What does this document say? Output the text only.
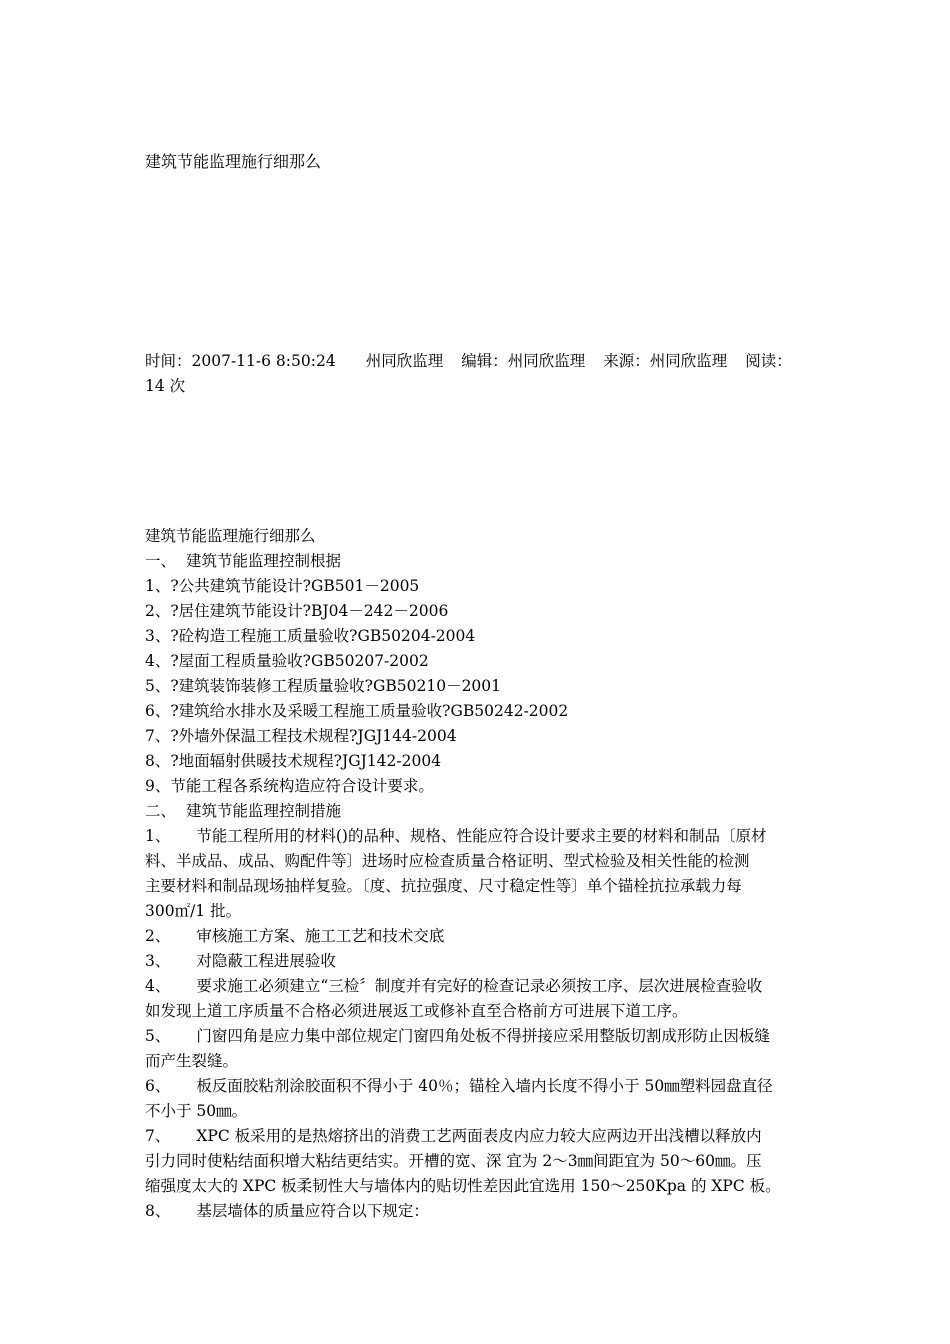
建筑节能监理施行细那么
时间：2007-11-6 8:50:24 州同欣监理 编辑：州同欣监理 来源：州同欣监理 阅读：
14 次
建筑节能监理施行细那么
一、 建筑节能监理控制根据
1、?公共建筑节能设计?GB501－2005
2、?居住建筑节能设计?BJ04－242－2006
3、?砼构造工程施工质量验收?GB50204-2004
4、?屋面工程质量验收?GB50207-2002
5、?建筑装饰装修工程质量验收?GB50210－2001
6、?建筑给水排水及采暖工程施工质量验收?GB50242-2002
7、?外墙外保温工程技术规程?JGJ144-2004
8、?地面辐射供暖技术规程?JGJ142-2004
9、节能工程各系统构造应符合设计要求。
二、 建筑节能监理控制措施
1、 节能工程所用的材料()的品种、规格、性能应符合设计要求主要的材料和制品〔原材
料、半成品、成品、购配件等〕进场时应检查质量合格证明、型式检验及相关性能的检测
主要材料和制品现场抽样复验。〔度、抗拉强度、尺寸稳定性等〕单个锚栓抗拉承载力每
300㎡/1 批。
2、 审核施工方案、施工工艺和技术交底
3、 对隐蔽工程进展验收
4、 要求施工必须建立“三检〞制度并有完好的检查记录必须按工序、层次进展检查验收
如发现上道工序质量不合格必须进展返工或修补直至合格前方可进展下道工序。
5、 门窗四角是应力集中部位规定门窗四角处板不得拼接应采用整版切割成形防止因板缝
而产生裂缝。
6、 板反面胶粘剂涂胶面积不得小于 40％；锚栓入墙内长度不得小于 50㎜塑料园盘直径
不小于 50㎜。
7、 XPC 板采用的是热熔挤出的消费工艺两面表皮内应力较大应两边开出浅槽以释放内
引力同时使粘结面积增大粘结更结实。开槽的宽、深 宜为 2～3㎜间距宜为 50～60㎜。压
缩强度太大的 XPC 板柔韧性大与墙体内的贴切性差因此宜选用 150～250Kpa 的 XPC 板。
8、 基层墙体的质量应符合以下规定：
